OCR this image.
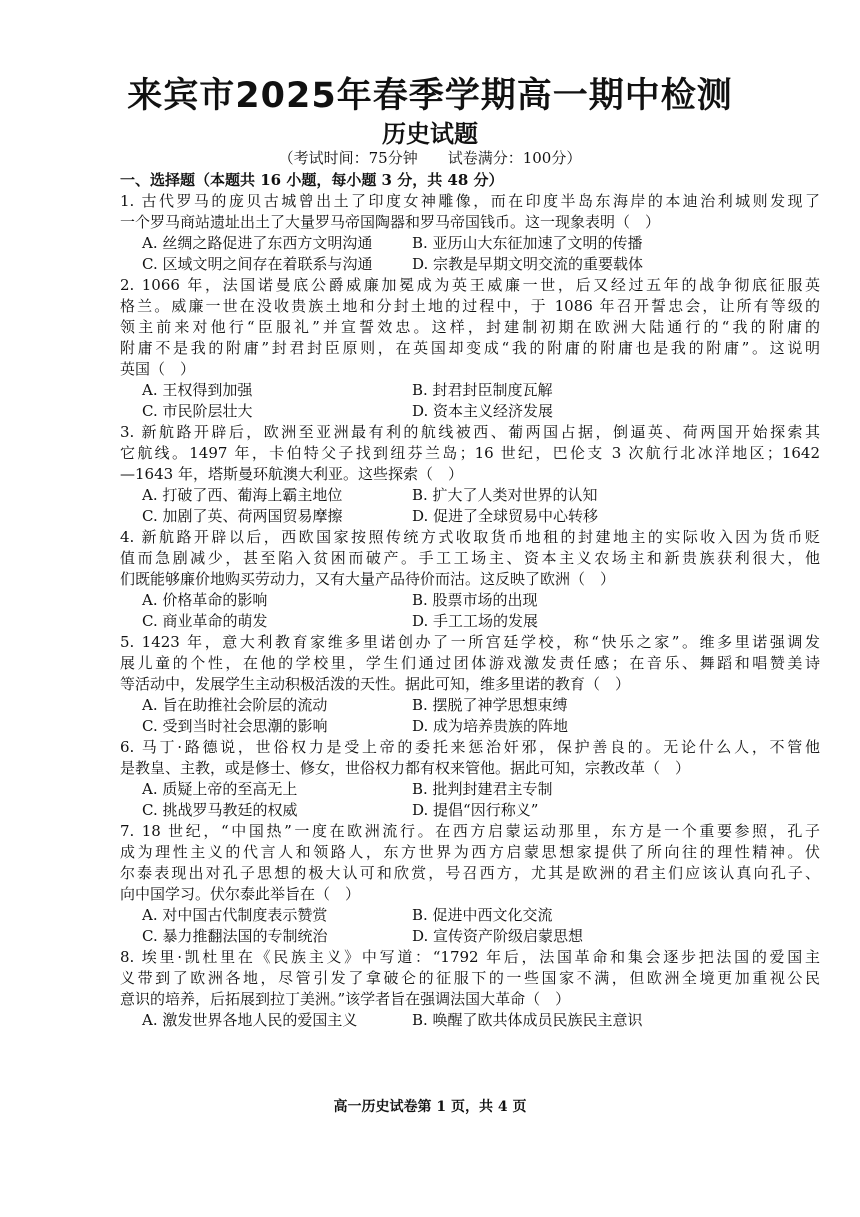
来宾市2025年春季学期高一期中检测
历史试题
（考试时间：75分钟　　试卷满分：100分）
一、选择题（本题共 16 小题，每小题 3 分，共 48 分）
1. 古代罗马的庞贝古城曾出土了印度女神雕像，而在印度半岛东海岸的本迪治利城则发现了
一个罗马商站遗址出土了大量罗马帝国陶器和罗马帝国钱币。这一现象表明（　）
A. 丝绸之路促进了东西方文明沟通	B. 亚历山大东征加速了文明的传播
C. 区域文明之间存在着联系与沟通	D. 宗教是早期文明交流的重要载体
2. 1066 年，法国诺曼底公爵威廉加冕成为英王威廉一世，后又经过五年的战争彻底征服英
格兰。威廉一世在没收贵族土地和分封土地的过程中，于 1086 年召开誓忠会，让所有等级的
领主前来对他行“臣服礼”并宣誓效忠。这样，封建制初期在欧洲大陆通行的“我的附庸的
附庸不是我的附庸”封君封臣原则，在英国却变成“我的附庸的附庸也是我的附庸”。这说明
英国（　）
A. 王权得到加强	B. 封君封臣制度瓦解
C. 市民阶层壮大	D. 资本主义经济发展
3. 新航路开辟后，欧洲至亚洲最有利的航线被西、葡两国占据，倒逼英、荷两国开始探索其
它航线。1497 年，卡伯特父子找到纽芬兰岛；16 世纪，巴伦支 3 次航行北冰洋地区；1642
—1643 年，塔斯曼环航澳大利亚。这些探索（　）
A. 打破了西、葡海上霸主地位	B. 扩大了人类对世界的认知
C. 加剧了英、荷两国贸易摩擦	D. 促进了全球贸易中心转移
4. 新航路开辟以后，西欧国家按照传统方式收取货币地租的封建地主的实际收入因为货币贬
值而急剧减少，甚至陷入贫困而破产。手工工场主、资本主义农场主和新贵族获利很大，他
们既能够廉价地购买劳动力，又有大量产品待价而沽。这反映了欧洲（　）
A. 价格革命的影响	B. 股票市场的出现
C. 商业革命的萌发	D. 手工工场的发展
5. 1423 年，意大利教育家维多里诺创办了一所宫廷学校，称“快乐之家”。维多里诺强调发
展儿童的个性，在他的学校里，学生们通过团体游戏激发责任感；在音乐、舞蹈和唱赞美诗
等活动中，发展学生主动积极活泼的天性。据此可知，维多里诺的教育（　）
A. 旨在助推社会阶层的流动	B. 摆脱了神学思想束缚
C. 受到当时社会思潮的影响	D. 成为培养贵族的阵地
6. 马丁·路德说，世俗权力是受上帝的委托来惩治奸邪，保护善良的。无论什么人，不管他
是教皇、主教，或是修士、修女，世俗权力都有权来管他。据此可知，宗教改革（　）
A. 质疑上帝的至高无上	B. 批判封建君主专制
C. 挑战罗马教廷的权威	D. 提倡“因行称义”
7. 18 世纪，“中国热”一度在欧洲流行。在西方启蒙运动那里，东方是一个重要参照，孔子
成为理性主义的代言人和领路人，东方世界为西方启蒙思想家提供了所向往的理性精神。伏
尔泰表现出对孔子思想的极大认可和欣赏，号召西方，尤其是欧洲的君主们应该认真向孔子、
向中国学习。伏尔泰此举旨在（　）
A. 对中国古代制度表示赞赏	B. 促进中西文化交流
C. 暴力推翻法国的专制统治	D. 宣传资产阶级启蒙思想
8. 埃里·凯杜里在《民族主义》中写道：“1792 年后，法国革命和集会逐步把法国的爱国主
义带到了欧洲各地，尽管引发了拿破仑的征服下的一些国家不满，但欧洲全境更加重视公民
意识的培养，后拓展到拉丁美洲。”该学者旨在强调法国大革命（　）
A. 激发世界各地人民的爱国主义	B. 唤醒了欧共体成员民族民主意识
高一历史试卷第 1 页，共 4 页
